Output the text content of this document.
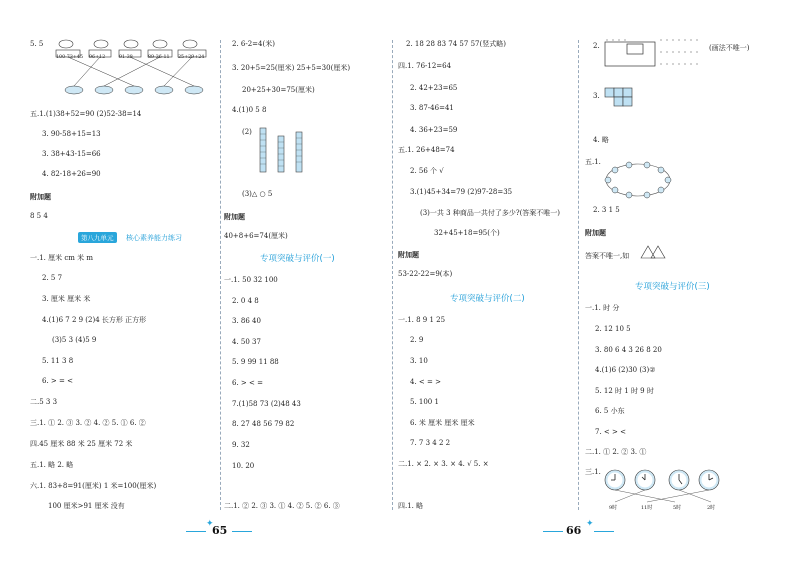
5. 5
100-73+45 96+12	91-38	89-36-11 25+29+24
五.1.(1)38+52=90 (2)52-38=14
3. 90-58+15=13
3. 38+43-15=66
4. 82-18+26=90
附加题
8 5 4
第八九单元	核心素养能力练习
一.1. 厘米 cm 米 m
2. 5 7
3. 厘米 厘米 米
4.(1)6 7 2 9 (2)4 长方形 正方形
(3)5 3 (4)5 9
5. 11 3 8
6. > = <
二.5 3 3
三.1. ① 2. ③ 3. ② 4. ② 5. ① 6. ②
四.45 厘米 88 米 25 厘米 72 米
五.1. 略 2. 略
六.1. 83+8=91(厘米) 1 米=100(厘米)
100 厘米>91 厘米 没有
2. 6-2=4(米)
3. 20+5=25(厘米) 25+5=30(厘米)
20+25+30=75(厘米)
4.(1)0 5 8
(2)
(3)△ ○ 5
附加题
40+8+6=74(厘米)
专项突破与评价(一)
一.1. 50 32 100
2. 0 4 8
3. 86 40
4. 50 37
5. 9 99 11 88
6. > < =
7.(1)58 73 (2)48 43
8. 27 48 56 79 82
9. 32
10. 20
二.1. ② 2. ③ 3. ① 4. ② 5. ② 6. ③
✦
65
2. 18 28 83 74 57 57(竖式略)
四.1. 76-12=64
2. 42+23=65
3. 87-46=41
4. 36+23=59
五.1. 26+48=74
2. 56 个 √
3.(1)45+34=79 (2)97-28=35
(3)一共 3 种商品一共付了多少?(答案不唯一)
32+45+18=95(个)
附加题
53-22-22=9(本)
专项突破与评价(二)
一.1. 8 9 1 25
2. 9
3. 10
4. < = >
5. 100 1
6. 米 厘米 厘米 厘米
7. 7 3 4 2 2
二.1. × 2. × 3. × 4. √ 5. ×
四.1. 略
2.	(画法不唯一)
3.
4. 略
五.1.
2. 3 1 5
附加题
答案不唯一,如
专项突破与评价(三)
一.1. 时 分
2. 12 10 5
3. 80 6 4 3 26 8 20
4.(1)6 (2)30 (3)②
5. 12 时 1 时 9 时
6. 5 小东
7. < > <
二.1. ① 2. ② 3. ①
三.1.
9时	11时	5时	2时
66 ✦
